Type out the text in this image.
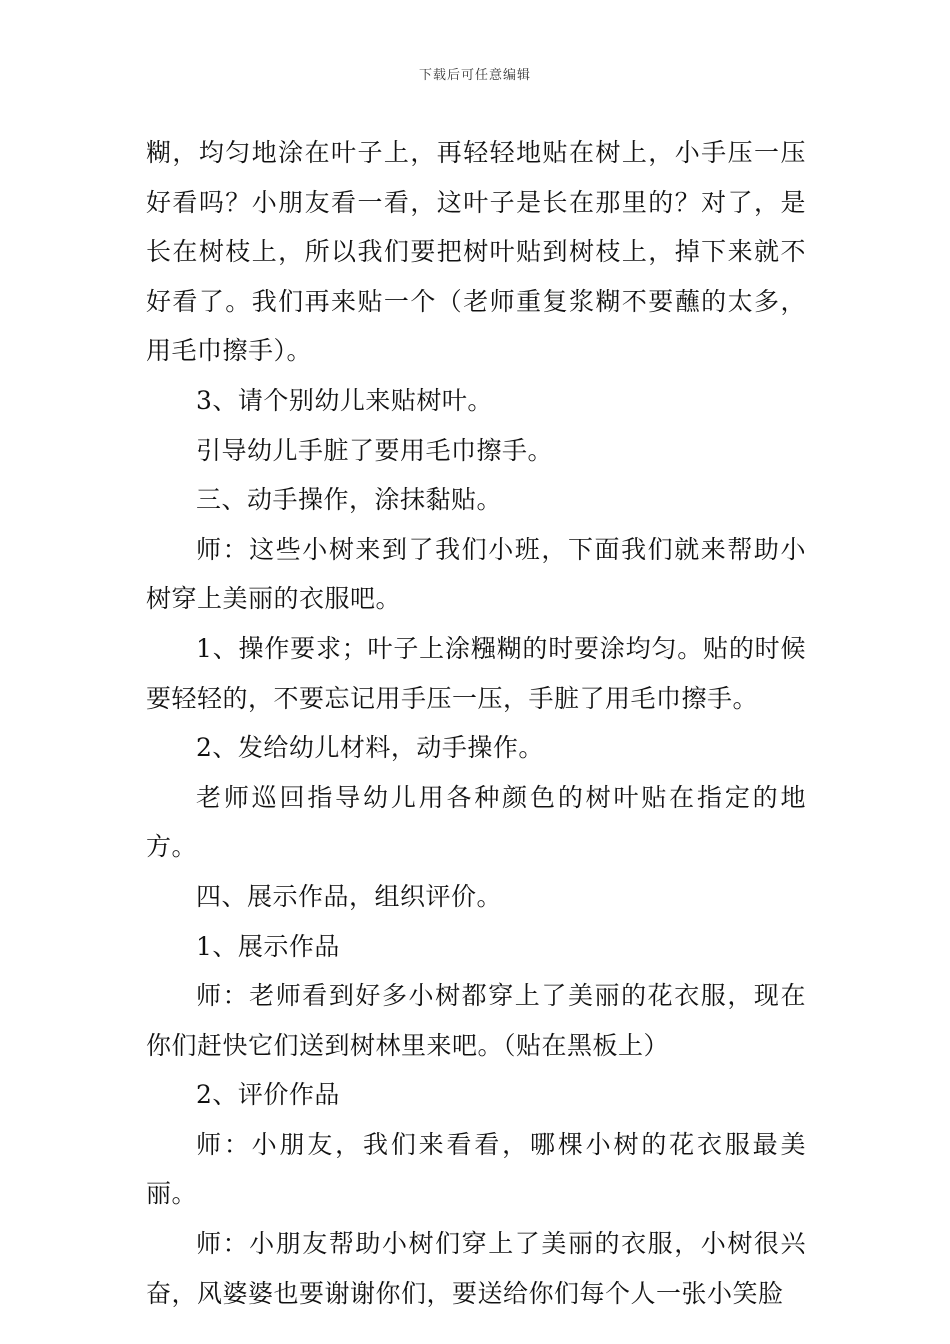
下载后可任意编辑

糊，均匀地涂在叶子上，再轻轻地贴在树上，小手压一压好看吗？小朋友看一看，这叶子是长在那里的？对了，是长在树枝上，所以我们要把树叶贴到树枝上，掉下来就不好看了。我们再来贴一个（老师重复浆糊不要蘸的太多，用毛巾擦手）。

3、请个别幼儿来贴树叶。

引导幼儿手脏了要用毛巾擦手。

三、动手操作，涂抹黏贴。

师：这些小树来到了我们小班，下面我们就来帮助小树穿上美丽的衣服吧。

1、操作要求；叶子上涂糨糊的时要涂均匀。贴的时候要轻轻的，不要忘记用手压一压，手脏了用毛巾擦手。

2、发给幼儿材料，动手操作。

老师巡回指导幼儿用各种颜色的树叶贴在指定的地方。

四、展示作品，组织评价。

1、展示作品

师：老师看到好多小树都穿上了美丽的花衣服，现在你们赶快它们送到树林里来吧。（贴在黑板上）

2、评价作品

师：小朋友，我们来看看，哪棵小树的花衣服最美丽。

师：小朋友帮助小树们穿上了美丽的衣服，小树很兴奋，风婆婆也要谢谢你们，要送给你们每个人一张小笑脸
